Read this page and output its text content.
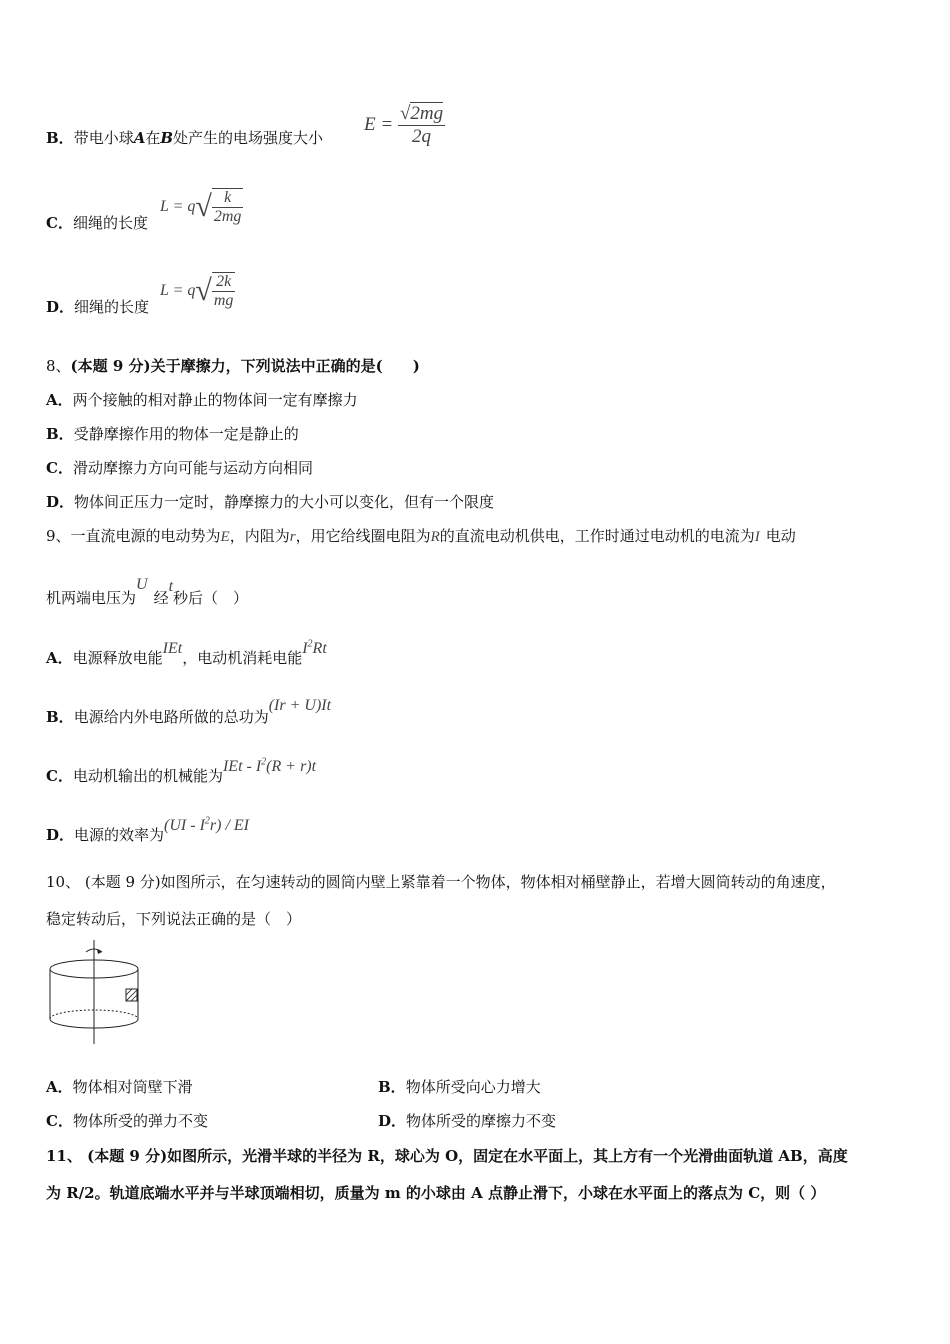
B．带电小球A在B处产生的电场强度大小
$E = \frac{√2mg}{2q}$
C．细绳的长度
$L = q√ \frac{k}{2mg}$
D．细绳的长度
$L = q√ \frac{2k}{mg}$
8、(本题 9 分)关于摩擦力，下列说法中正确的是(　　)
A．两个接触的相对静止的物体间一定有摩擦力
B．受静摩擦作用的物体一定是静止的
C．滑动摩擦力方向可能与运动方向相同
D．物体间正压力一定时，静摩擦力的大小可以变化，但有一个限度
9、一直流电源的电动势为E，内阻为r，用它给线圈电阻为R的直流电动机供电，工作时通过电动机的电流为I 电动
机两端电压为U经t秒后（　）
A．电源释放电能IEt，电动机消耗电能$I^2Rt$
B．电源给内外电路所做的总功为(Ir + U)It
C．电动机输出的机械能为IEt - $I^2(R + r)t$
D．电源的效率为$(UI - I^2r)$ / EI
10、 (本题 9 分)如图所示，在匀速转动的圆筒内壁上紧靠着一个物体，物体相对桶壁静止，若增大圆筒转动的角速度，
稳定转动后，下列说法正确的是（　）
A．物体相对筒壁下滑	B．物体所受向心力增大
C．物体所受的弹力不变	D．物体所受的摩擦力不变
11、 (本题 9 分)如图所示，光滑半球的半径为 R，球心为 O，固定在水平面上，其上方有一个光滑曲面轨道 AB，高度
为 R/2。轨道底端水平并与半球顶端相切，质量为 m 的小球由 A 点静止滑下，小球在水平面上的落点为 C，则（ ）
